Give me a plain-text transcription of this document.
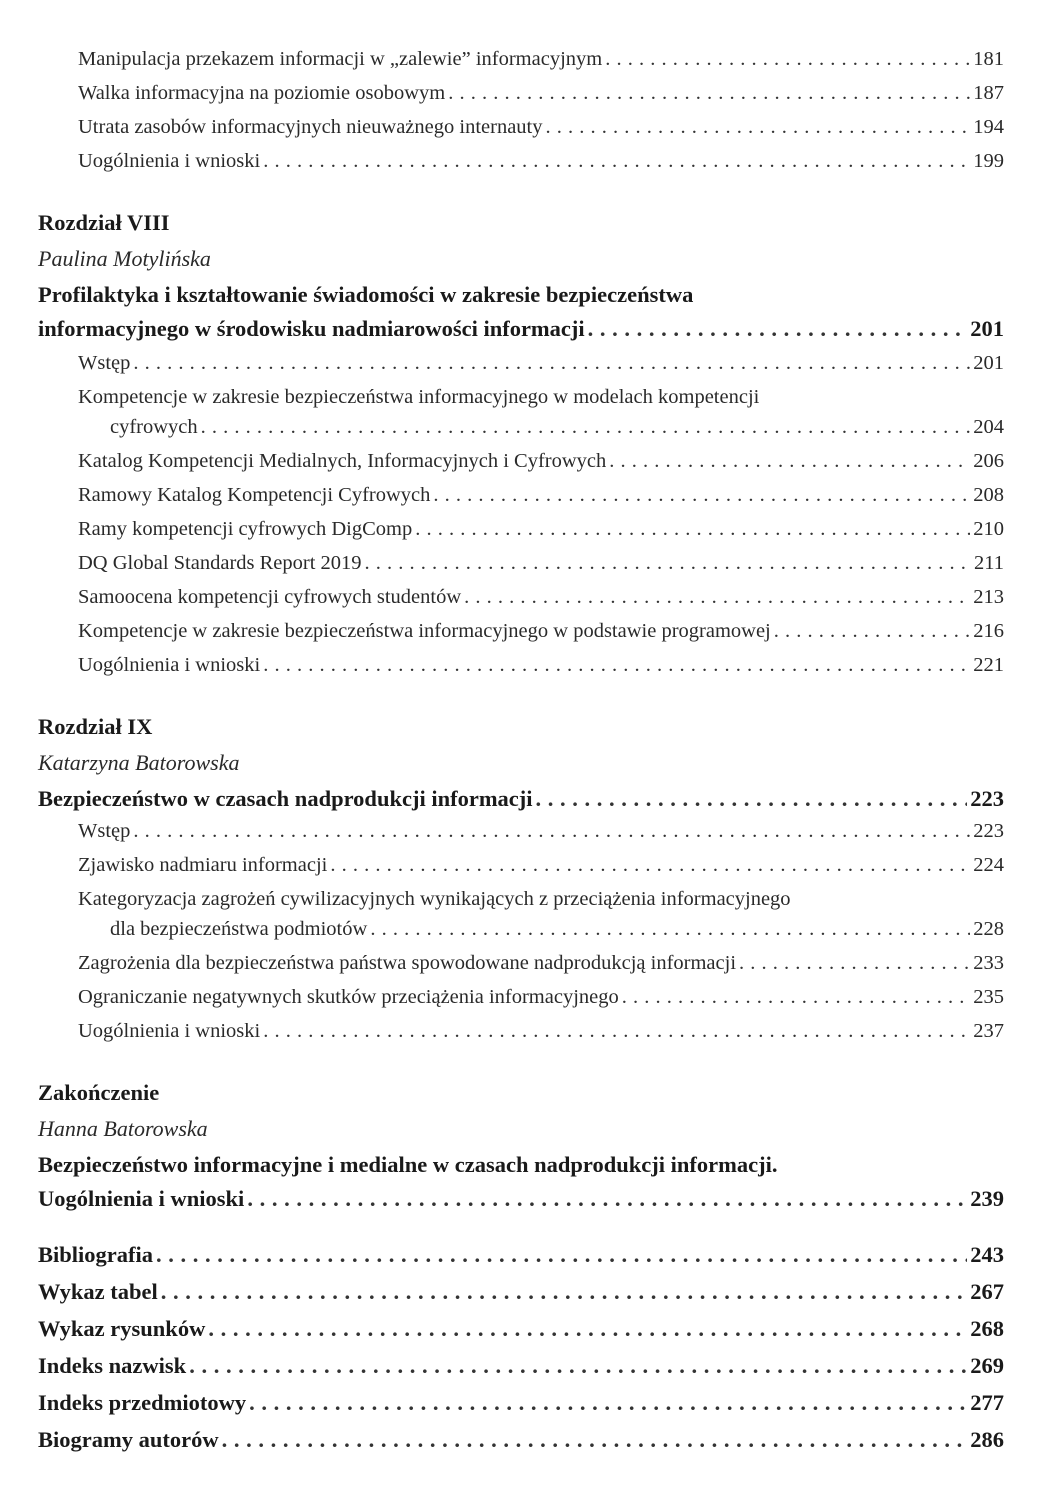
Manipulacja przekazem informacji w „zalewie” informacyjnym . . .	181
Walka informacyjna na poziomie osobowym . . .	187
Utrata zasobów informacyjnych nieuważnego internauty . . .	194
Uogólnienia i wnioski . . .	199
Rozdział VIII
Paulina Motylińska
Profilaktyka i kształtowanie świadomości w zakresie bezpieczeństwa
informacyjnego w środowisku nadmiarowości informacji . . .	201
Wstęp . . .	201
Kompetencje w zakresie bezpieczeństwa informacyjnego w modelach kompetencji
cyfrowych . . .	204
Katalog Kompetencji Medialnych, Informacyjnych i Cyfrowych . . .	206
Ramowy Katalog Kompetencji Cyfrowych . . .	208
Ramy kompetencji cyfrowych DigComp . . .	210
DQ Global Standards Report 2019 . . .	211
Samoocena kompetencji cyfrowych studentów . . .	213
Kompetencje w zakresie bezpieczeństwa informacyjnego w podstawie programowej . . .	216
Uogólnienia i wnioski . . .	221
Rozdział IX
Katarzyna Batorowska
Bezpieczeństwo w czasach nadprodukcji informacji . . .	223
Wstęp . . .	223
Zjawisko nadmiaru informacji . . .	224
Kategoryzacja zagrożeń cywilizacyjnych wynikających z przeciążenia informacyjnego
dla bezpieczeństwa podmiotów . . .	228
Zagrożenia dla bezpieczeństwa państwa spowodowane nadprodukcją informacji . . .	233
Ograniczanie negatywnych skutków przeciążenia informacyjnego . . .	235
Uogólnienia i wnioski . . .	237
Zakończenie
Hanna Batorowska
Bezpieczeństwo informacyjne i medialne w czasach nadprodukcji informacji.
Uogólnienia i wnioski . . .	239
Bibliografia . . .	243
Wykaz tabel . . .	267
Wykaz rysunków . . .	268
Indeks nazwisk . . .	269
Indeks przedmiotowy . . .	277
Biogramy autorów . . .	286
